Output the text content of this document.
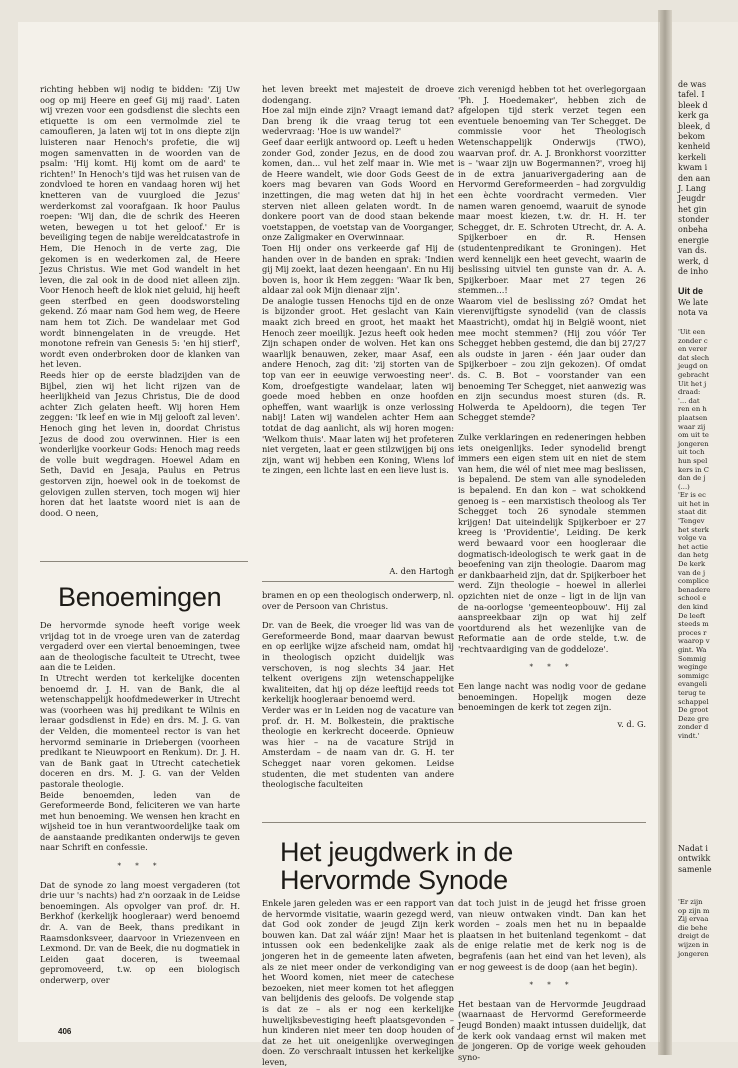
richting hebben wij nodig te bidden: 'Zij Uw oog op mij Heere en geef Gij mij raad'. Laten wij vrezen voor een godsdienst die slechts een etiquette is om een vermolmde ziel te camoufleren, ja laten wij tot in ons diepte zijn luisteren naar Henoch's profetie, die wij mogen samenvatten in de woorden van de psalm: 'Hij komt. Hij komt om de aard' te richten!' In Henoch's tijd was het ruisen van de zondvloed te horen en vandaag horen wij het knetteren van de vuurgloed die Jezus' werderkomst zal voorafgaan. Ik hoor Paulus roepen: 'Wij dan, die de schrik des Heeren weten, bewegen u tot het geloof.' Er is beveiliging tegen de nabije wereldcatastrofe in Hem, Die Henoch in de verte zag, Die gekomen is en wederkomen zal, de Heere Jezus Christus. Wie met God wandelt in het leven, die zal ook in de dood niet alleen zijn. Voor Henoch heeft de klok niet geluid, hij heeft geen sterfbed en geen doodsworsteling gekend. Zó maar nam God hem weg, de Heere nam hem tot Zich. De wandelaar met God wordt binnengelaten in de vreugde. Het monotone refrein van Genesis 5: 'en hij stierf', wordt even onderbroken door de klanken van het leven.

Reeds hier op de eerste bladzijden van de Bijbel, zien wij het licht rijzen van de heerlijkheid van Jezus Christus, Die de dood achter Zich gelaten heeft. Wij horen Hem zeggen: 'Ik leef en wie in Mij gelooft zal leven'. Henoch ging het leven in, doordat Christus Jezus de dood zou overwinnen. Hier is een wonderlijke voorkeur Gods: Henoch mag reeds de volle buit wegdragen. Hoewel Adam en Seth, David en Jesaja, Paulus en Petrus gestorven zijn, hoewel ook in de toekomst de gelovigen zullen sterven, toch mogen wij hier horen dat het laatste woord niet is aan de dood. O neen,

het leven breekt met majesteit de droeve dodengang.

Hoe zal mijn einde zijn? Vraagt iemand dat? Dan breng ik die vraag terug tot een wedervraag: 'Hoe is uw wandel?'

Geef daar eerlijk antwoord op. Leeft u heden zonder God, zonder Jezus, en de dood zou komen, dan... vul het zelf maar in. Wie met de Heere wandelt, wie door Gods Geest de koers mag bevaren van Gods Woord en inzettingen, die mag weten dat hij in het sterven niet alleen gelaten wordt. In de donkere poort van de dood staan bekende voetstappen, de voetstap van de Voorganger, onze Zaligmaker en Overwinnaar.

Toen Hij onder ons verkeerde gaf Hij de handen over in de banden en sprak: 'Indien gij Mij zoekt, laat dezen heengaan'. En nu Hij boven is, hoor ik Hem zeggen: 'Waar Ik ben, aldaar zal ook Mijn dienaar zijn'.

De analogie tussen Henochs tijd en de onze is bijzonder groot. Het geslacht van Kain maakt zich breed en groot, het maakt het Henoch zeer moeilijk. Jezus heeft ook heden Zijn schapen onder de wolven. Het kan ons waarlijk benauwen, zeker, maar Asaf, een andere Henoch, zag dit: 'zij storten van de top van eer in eeuwige verwoesting neer'. Kom, droefgestigte wandelaar, laten wij goede moed hebben en onze hoofden opheffen, want waarlijk is onze verlossing nabij! Laten wij wandelen achter Hem aan totdat de dag aanlicht, als wij horen mogen: 'Welkom thuis'. Maar laten wij het profeteren niet vergeten, laat er geen stilzwijgen bij ons zijn, want wij hebben een Koning, Wiens lof te zingen, een lichte last en een lieve lust is.

A. den Hartogh

zich verenigd hebben tot het overlegorgaan 'Ph. J. Hoedemaker', hebben zich de afgelopen tijd sterk verzet tegen een eventuele benoeming van Ter Schegget. De commissie voor het Theologisch Wetenschappelijk Onderwijs (TWO), waarvan prof. dr. A. J. Bronkhorst voorzitter is – 'waar zijn uw Bogermannen?', vroeg hij in de extra januarivergadering aan de Hervormd Gereformeerden – had zorgvuldig een èchte voordracht vermeden. Vier namen waren genoemd, waaruit de synode maar moest kiezen, t.w. dr. H. H. ter Schegget, dr. E. Schroten Utrecht, dr. A. A. Spijkerboer en dr. R. Hensen (studentenpredikant te Groningen). Het werd kennelijk een heet gevecht, waarin de beslissing uitviel ten gunste van dr. A. A. Spijkerboer. Maar met 27 tegen 26 stemmen...!

Waarom viel de beslissing zó? Omdat het vierenvijftigste synodelid (van de classis Maastricht), omdat hij in België woont, niet mee mocht stemmen? (Hij zou vóór Ter Schegget hebben gestemd, die dan bij 27/27 als oudste in jaren - één jaar ouder dan Spijkerboer – zou zijn gekozen). Of omdat ds. C. B. Bot – voorstander van een benoeming Ter Schegget, niet aanwezig was en zijn secundus moest sturen (ds. R. Holwerda te Apeldoorn), die tegen Ter Schegget stemde?

Zulke verklaringen en redeneringen hebben iets oneigenlijks. Ieder synodelid brengt immers een eigen stem uit en niet de stem van hem, die wél of niet mee mag beslissen, is bepalend. De stem van alle synodeleden is bepalend. En dan kon – wat schokkend genoeg is – een marxistisch theoloog als Ter Schegget toch 26 synodale stemmen krijgen! Dat uiteindelijk Spijkerboer er 27 kreeg is 'Providentie', Leiding. De kerk werd bewaard voor een hoogleraar die dogmatisch-ideologisch te werk gaat in de beoefening van zijn theologie. Daarom mag er dankbaarheid zijn, dat dr. Spijkerboer het werd. Zijn theologie – hoewel in allerlei opzichten niet de onze – ligt in de lijn van de na-oorlogse 'gemeenteopbouw'. Hij zal aanspreekbaar zijn op wat hij zelf voortdurend als het wezenlijke van de Reformatie aan de orde stelde, t.w. de 'rechtvaardiging van de goddeloze'.

* * *

Een lange nacht was nodig voor de gedane benoemingen. Hopelijk mogen deze benoemingen de kerk tot zegen zijn.

v. d. G.

Benoemingen

De hervormde synode heeft vorige week vrijdag tot in de vroege uren van de zaterdag vergaderd over een viertal benoemingen, twee aan de theologische faculteit te Utrecht, twee aan die te Leiden.

In Utrecht werden tot kerkelijke docenten benoemd dr. J. H. van de Bank, die al wetenschappelijk hoofdmedewerker in Utrecht was (voorheen was hij predikant te Wilnis en leraar godsdienst in Ede) en drs. M. J. G. van der Velden, die momenteel rector is van het hervormd seminarie in Driebergen (voorheen predikant te Nieuwpoort en Renkum). Dr. J. H. van de Bank gaat in Utrecht catechetiek doceren en drs. M. J. G. van der Velden pastorale theologie.

Beide benoemden, leden van de Gereformeerde Bond, feliciteren we van harte met hun benoeming. We wensen hen kracht en wijsheid toe in hun verantwoordelijke taak om de aanstaande predikanten onderwijs te geven naar Schrift en confessie.

* * *

Dat de synode zo lang moest vergaderen (tot drie uur 's nachts) had z'n oorzaak in de Leidse benoemingen. Als opvolger van prof. dr. H. Berkhof (kerkelijk hoogleraar) werd benoemd dr. A. van de Beek, thans predikant in Raamsdonksveer, daarvoor in Vriezenveen en Lexmond. Dr. van de Beek, die nu dogmatiek in Leiden gaat doceren, is tweemaal gepromoveerd, t.w. op een biologisch onderwerp, over

bramen en op een theologisch onderwerp, nl. over de Persoon van Christus.

Dr. van de Beek, die vroeger lid was van de Gereformeerde Bond, maar daarvan bewust en op eerlijke wijze afscheid nam, omdat hij in theologisch opzicht duidelijk was verschoven, is nog slechts 34 jaar. Het telkent overigens zijn wetenschappelijke kwaliteiten, dat hij op déze leeftijd reeds tot kerkelijk hoogleraar benoemd werd.

Verder was er in Leiden nog de vacature van prof. dr. H. M. Bolkestein, die praktische theologie en kerkrecht doceerde. Opnieuw was hier – na de vacature Strijd in Amsterdam – de naam van dr. G. H. ter Schegget naar voren gekomen. Leidse studenten, die met studenten van andere theologische faculteiten

Het jeugdwerk in de Hervormde Synode

Enkele jaren geleden was er een rapport van de hervormde visitatie, waarin gezegd werd, dat God ook zonder de jeugd Zijn kerk bouwen kan. Dat zal wáár zijn! Maar het is intussen ook een bedenkelijke zaak als jongeren het in de gemeente laten afweten, als ze niet meer onder de verkondiging van het Woord komen, niet meer de catechese bezoeken, niet meer komen tot het afleggen van belijdenis des geloofs. De volgende stap is dat ze – als er nog een kerkelijke huwelijksbevestiging heeft plaatsgevonden – hun kinderen niet meer ten doop houden of dat ze het uit oneigenlijke overwegingen doen. Zo verschraalt intussen het kerkelijke leven,

dat toch juist in de jeugd het frisse groen van nieuw ontwaken vindt. Dan kan het worden – zoals men het nu in bepaalde plaatsen in het buitenland tegenkomt – dat de enige relatie met de kerk nog is de begrafenis (aan het eind van het leven), als er nog geweest is de doop (aan het begin).

* * *

Het bestaan van de Hervormde Jeugdraad (waarnaast de Hervormd Gereformeerde Jeugd Bonden) maakt intussen duidelijk, dat de kerk ook vandaag ernst wil maken met de jongeren. Op de vorige week gehouden syno-

406
de was
tafel. I
bleek d
kerk ga
bleek, d
bekom
kenheid
kerkeli
kwam i
den aan
J. Lang
Jeugdr
het gin
stonder
onbeha
energie
van ds.
werk, d
de inho
Uit de
We late
nota va
'Uit een
zonder c
en verer
dat slech
jeugd on
gebracht
Uit het j
draad:
'... dat
ren en h
plaatsen
waar zij
om uit te
jongeren
uit toch
hun spel
kers in C
dan de j
(...)
'Er is ec
uit het in
staat dit
'Tengev
het sterk
volge va
het actie
dan hetg
De kerk
van de j
complice
benadere
school e
den kind
De leeft
steeds m
proces r
waarop v
gint. Wa
Sommig
weginge
sommigc
evangeli
terug te
schappel
De groot
Deze gre
zonder d
vindt.'
Nadat i
ontwikk
samenle
'Er zijn
op zijn m
Zij ervaa
die behe
dreigt de
wijzen in
jongeren
